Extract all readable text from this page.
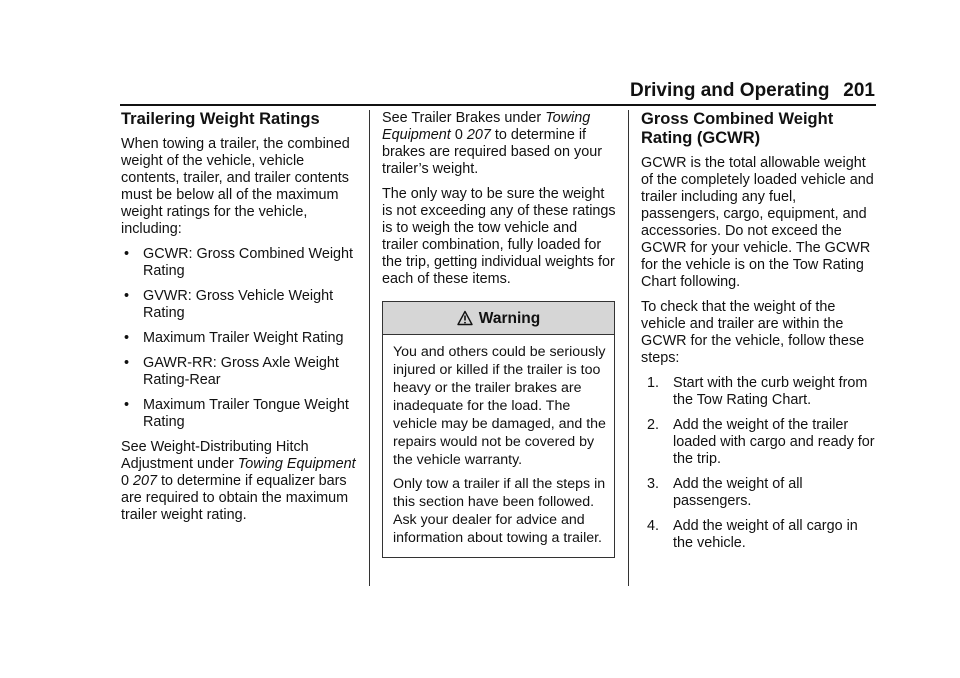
Driving and Operating 201
Trailering Weight Ratings

When towing a trailer, the combined weight of the vehicle, vehicle contents, trailer, and trailer contents must be below all of the maximum weight ratings for the vehicle, including:

• GCWR: Gross Combined Weight Rating
• GVWR: Gross Vehicle Weight Rating
• Maximum Trailer Weight Rating
• GAWR-RR: Gross Axle Weight Rating-Rear
• Maximum Trailer Tongue Weight Rating

See Weight-Distributing Hitch Adjustment under Towing Equipment 0 207 to determine if equalizer bars are required to obtain the maximum trailer weight rating.

See Trailer Brakes under Towing Equipment 0 207 to determine if brakes are required based on your trailer’s weight.

The only way to be sure the weight is not exceeding any of these ratings is to weigh the tow vehicle and trailer combination, fully loaded for the trip, getting individual weights for each of these items.

Warning

You and others could be seriously injured or killed if the trailer is too heavy or the trailer brakes are inadequate for the load. The vehicle may be damaged, and the repairs would not be covered by the vehicle warranty.

Only tow a trailer if all the steps in this section have been followed. Ask your dealer for advice and information about towing a trailer.

Gross Combined Weight Rating (GCWR)

GCWR is the total allowable weight of the completely loaded vehicle and trailer including any fuel, passengers, cargo, equipment, and accessories. Do not exceed the GCWR for your vehicle. The GCWR for the vehicle is on the Tow Rating Chart following.

To check that the weight of the vehicle and trailer are within the GCWR for the vehicle, follow these steps:

1. Start with the curb weight from the Tow Rating Chart.
2. Add the weight of the trailer loaded with cargo and ready for the trip.
3. Add the weight of all passengers.
4. Add the weight of all cargo in the vehicle.
